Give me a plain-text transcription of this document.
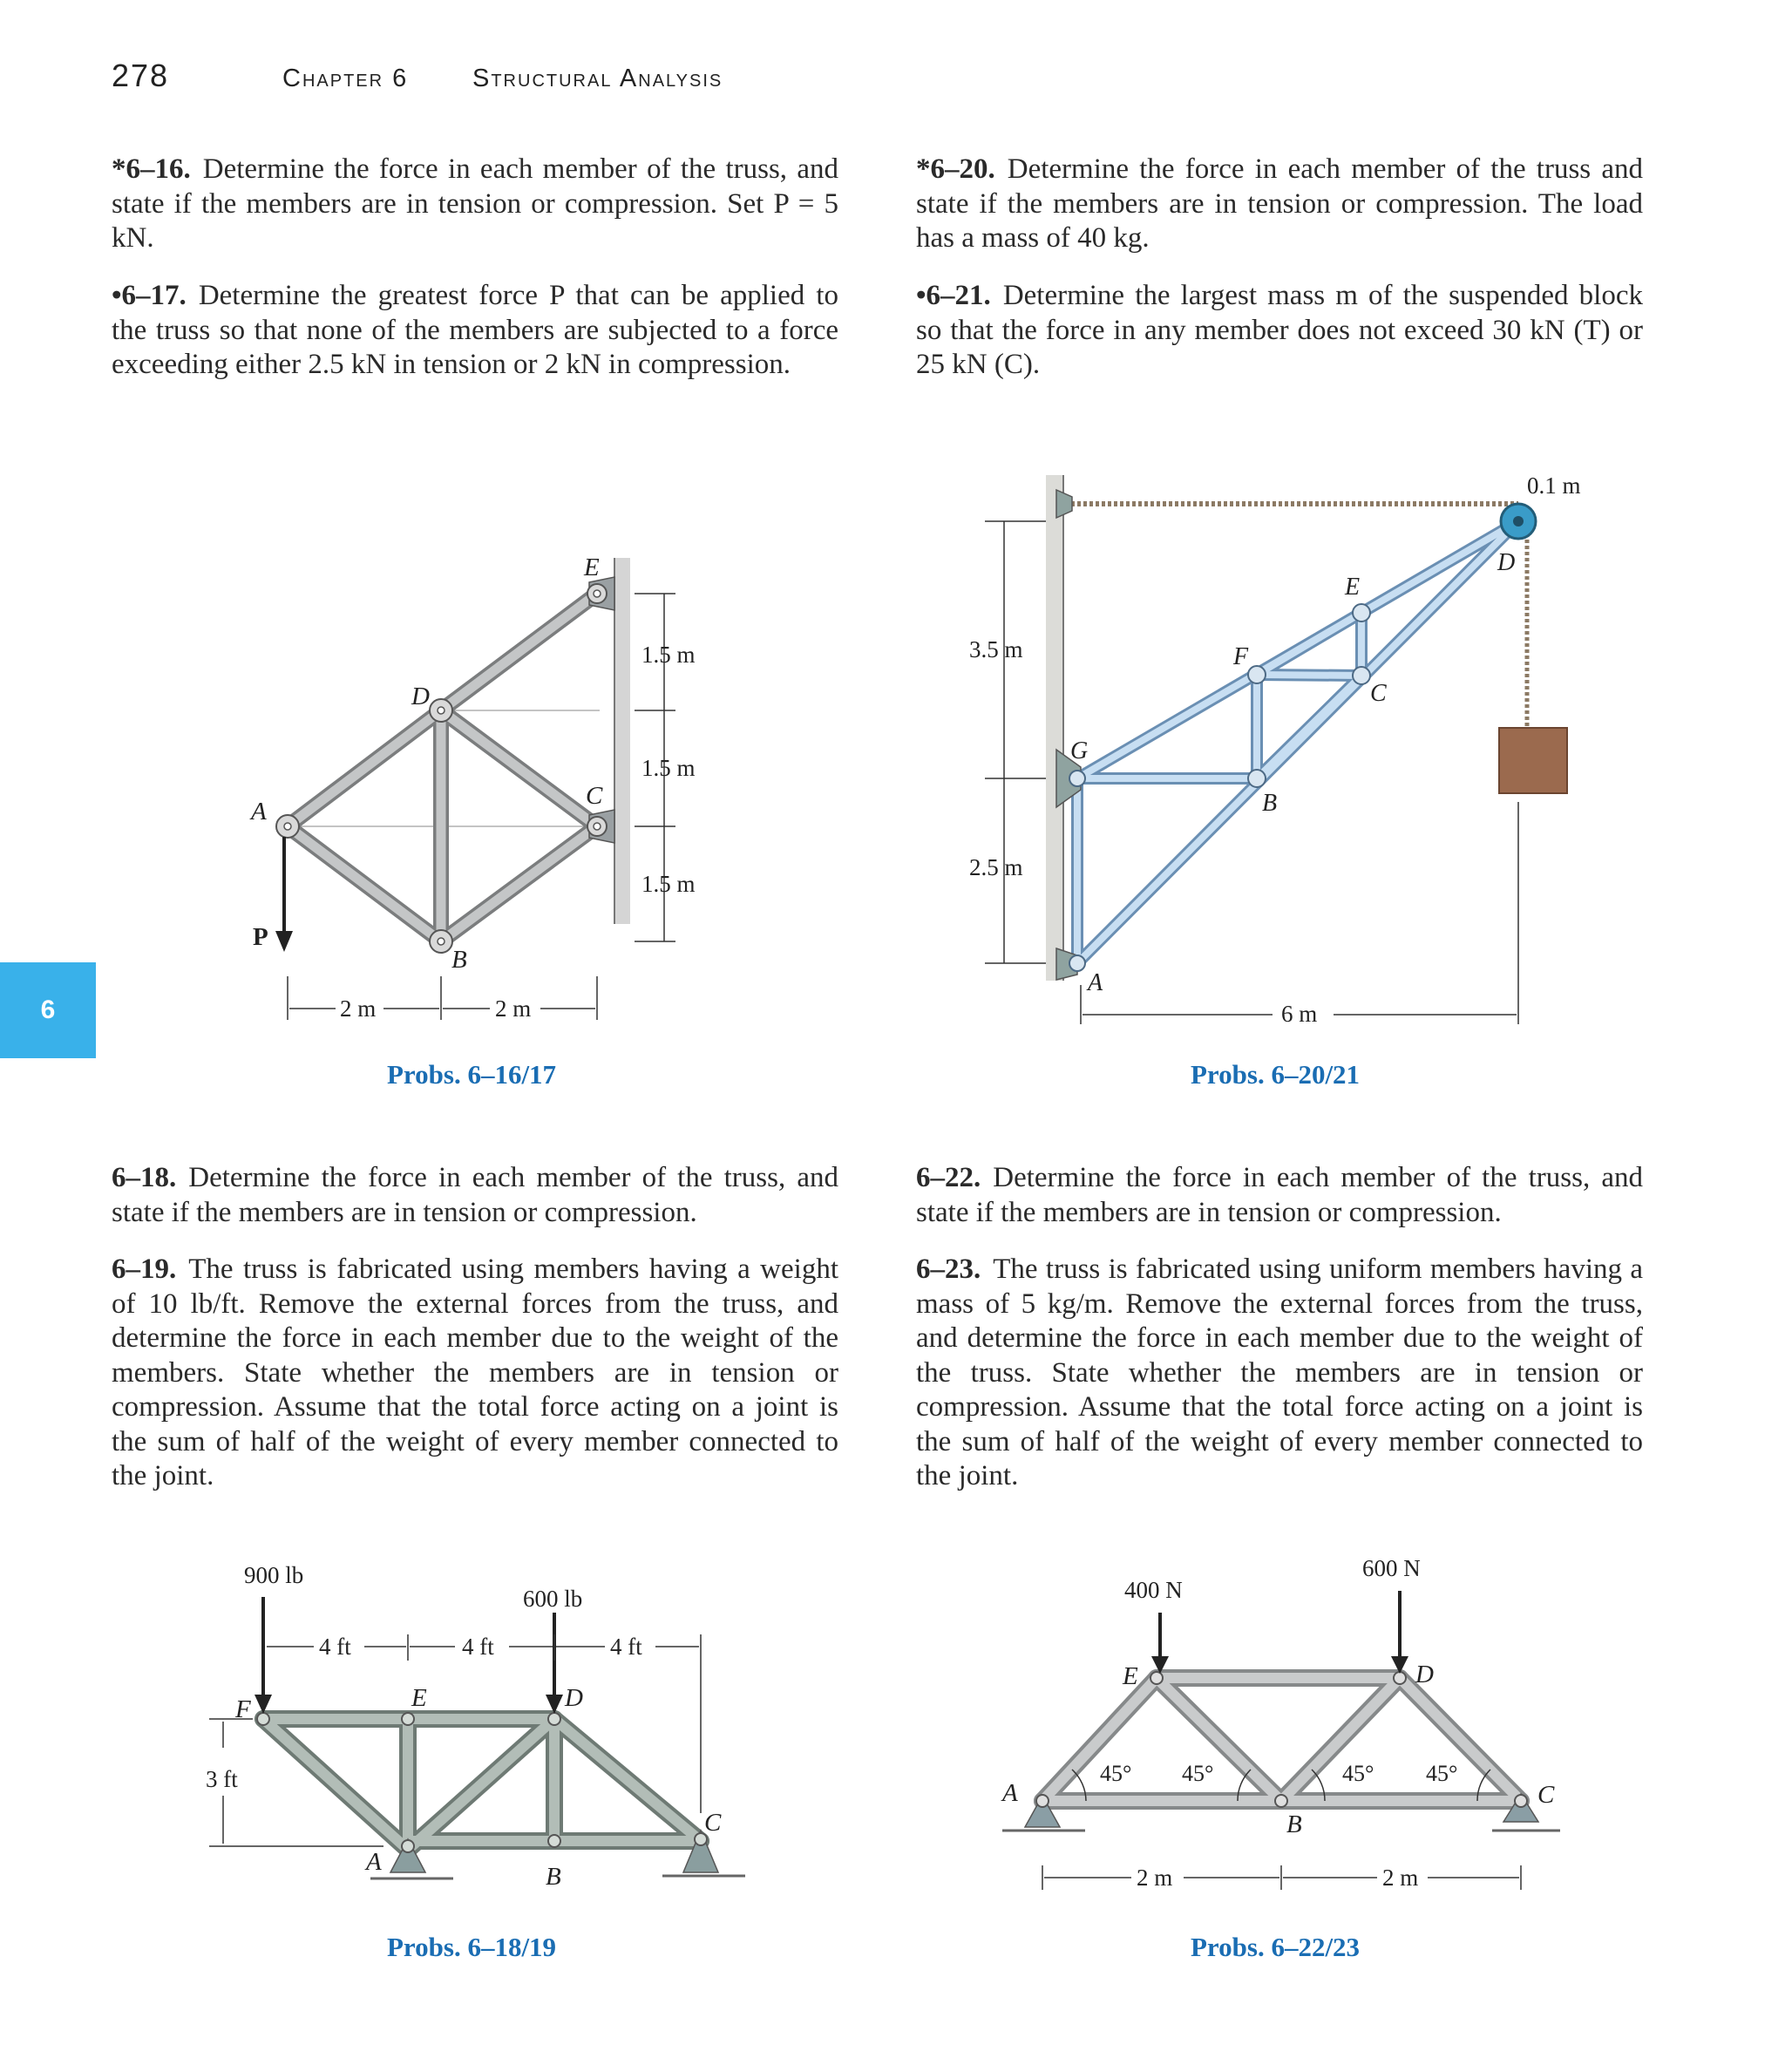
278	Chapter 6	Structural Analysis
6

*6–16. Determine the force in each member of the truss, and state if the members are in tension or compression. Set P = 5 kN.

•6–17. Determine the greatest force P that can be applied to the truss so that none of the members are subjected to a force exceeding either 2.5 kN in tension or 2 kN in compression.

*6–20. Determine the force in each member of the truss and state if the members are in tension or compression. The load has a mass of 40 kg.

•6–21. Determine the largest mass m of the suspended block so that the force in any member does not exceed 30 kN (T) or 25 kN (C).

P
A
D
B
E
C
1.5 m
1.5 m
1.5 m
2 m	2 m
Probs. 6–16/17
D
E
F
C
G
B
A
0.1 m
3.5 m
2.5 m
6 m
Probs. 6–20/21

6–18. Determine the force in each member of the truss, and state if the members are in tension or compression.

6–19. The truss is fabricated using members having a weight of 10 lb/ft. Remove the external forces from the truss, and determine the force in each member due to the weight of the members. State whether the members are in tension or compression. Assume that the total force acting on a joint is the sum of half of the weight of every member connected to the joint.

6–22. Determine the force in each member of the truss, and state if the members are in tension or compression.

6–23. The truss is fabricated using uniform members having a mass of 5 kg/m. Remove the external forces from the truss, and determine the force in each member due to the weight of the truss. State whether the members are in tension or compression. Assume that the total force acting on a joint is the sum of half of the weight of every member connected to the joint.

900 lb
600 lb
4 ft	4 ft	4 ft
3 ft
F	E	D
A
B
C
Probs. 6–18/19
45° 45°	45° 45°
400 N
600 N
E	D
A
B
C
2 m	2 m
Probs. 6–22/23
